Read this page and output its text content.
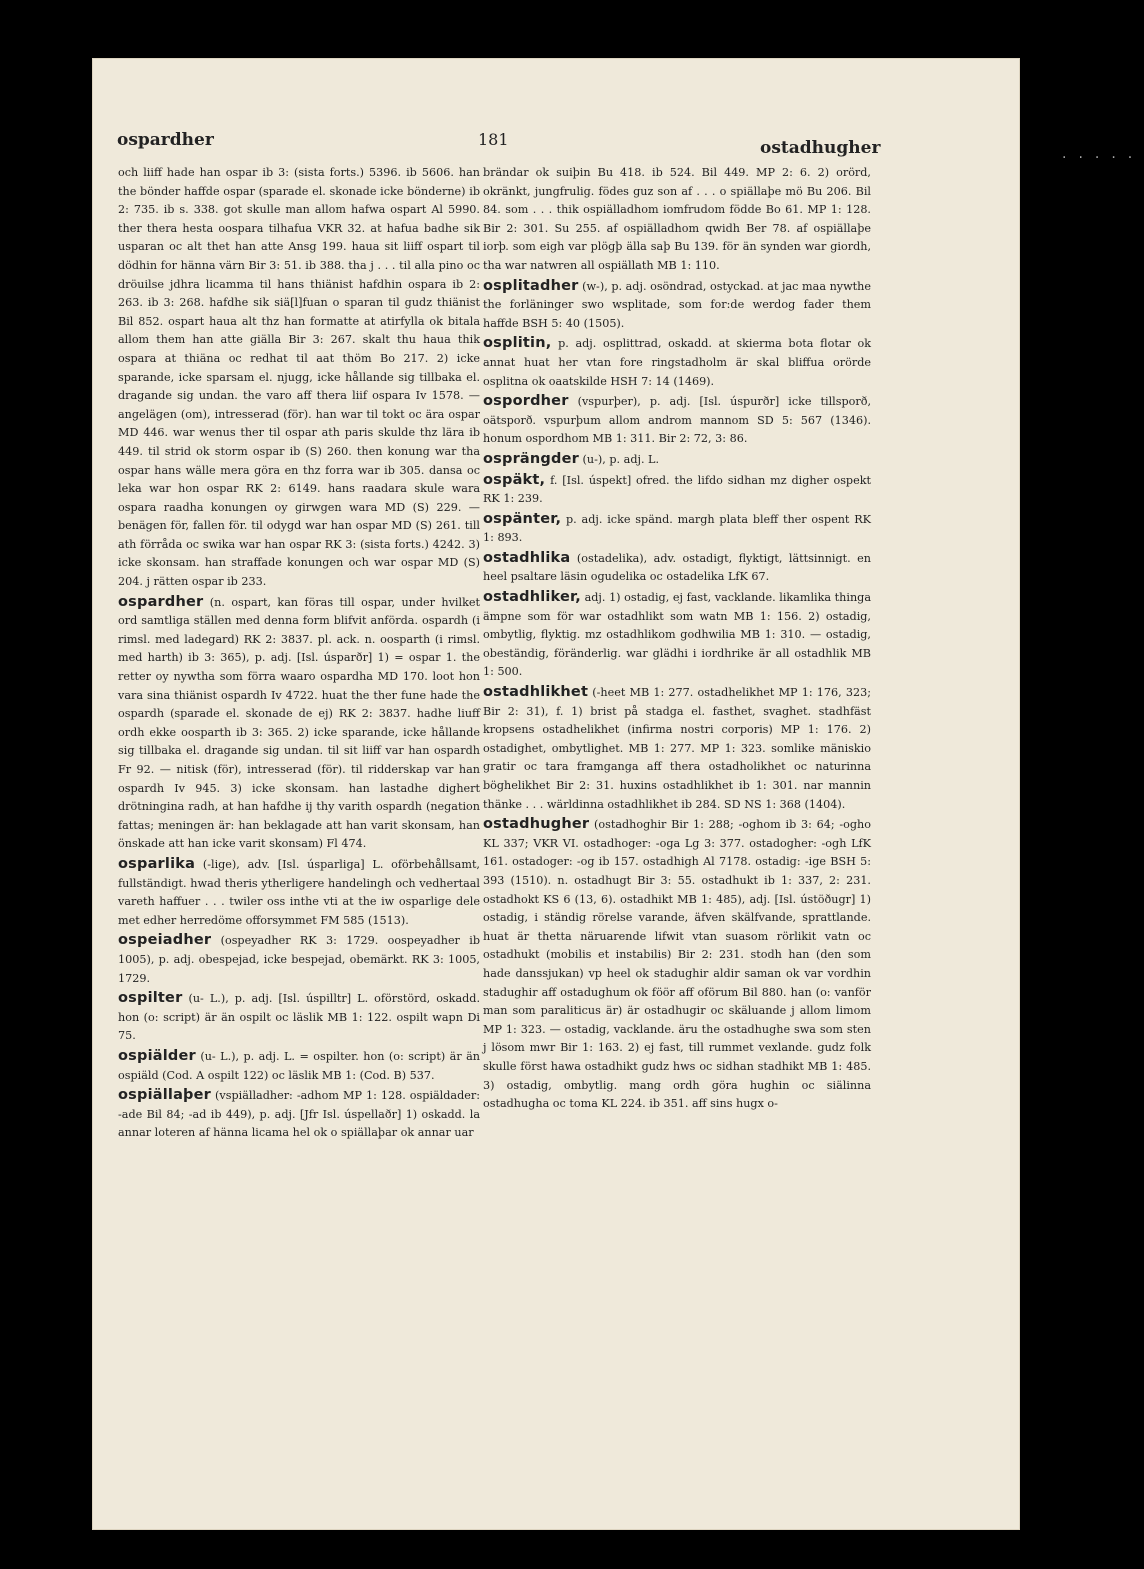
·····
ospardher	181	ostadhugher

och liiff hade han ospar ib 3: (sista forts.) 5396. ib 5606. han the bönder haffde ospar (sparade el. skonade icke bönderne) ib 2: 735. ib s. 338. got skulle man allom hafwa ospart Al 5990. ther thera hesta oospara tilhafua VKR 32. at hafua badhe sik usparan oc alt thet han atte Ansg 199. haua sit liiff ospart til dödhin for hänna värn Bir 3: 51. ib 388. tha j . . . til alla pino oc dröuilse jdhra licamma til hans thiänist hafdhin ospara ib 2: 263. ib 3: 268. hafdhe sik siä[l]fuan o sparan til gudz thiänist Bil 852. ospart haua alt thz han formatte at atirfylla ok bitala allom them han atte giälla Bir 3: 267. skalt thu haua thik ospara at thiäna oc redhat til aat thöm Bo 217. 2) icke sparande, icke sparsam el. njugg, icke hållande sig tillbaka el. dragande sig undan. the varo aff thera liif ospara Iv 1578. — angelägen (om), intresserad (för). han war til tokt oc ära ospar MD 446. war wenus ther til ospar ath paris skulde thz lära ib 449. til strid ok storm ospar ib (S) 260. then konung war tha ospar hans wälle mera göra en thz forra war ib 305. dansa oc leka war hon ospar RK 2: 6149. hans raadara skule wara ospara raadha konungen oy girwgen wara MD (S) 229. — benägen för, fallen för. til odygd war han ospar MD (S) 261. till ath förråda oc swika war han ospar RK 3: (sista forts.) 4242. 3) icke skonsam. han straffade konungen och war ospar MD (S) 204. j rätten ospar ib 233.

ospardher (n. ospart, kan föras till ospar, under hvilket ord samtliga ställen med denna form blifvit anförda. ospardh (i rimsl. med ladegard) RK 2: 3837. pl. ack. n. oosparth (i rimsl. med harth) ib 3: 365), p. adj. [Isl. úsparðr] 1) = ospar 1. the retter oy nywtha som förra waaro ospardha MD 170. loot hon vara sina thiänist ospardh Iv 4722. huat the ther fune hade the ospardh (sparade el. skonade de ej) RK 2: 3837. hadhe liuff ordh ekke oosparth ib 3: 365. 2) icke sparande, icke hållande sig tillbaka el. dragande sig undan. til sit liiff var han ospardh Fr 92. — nitisk (för), intresserad (för). til ridderskap var han ospardh Iv 945. 3) icke skonsam. han lastadhe dighert drötningina radh, at han hafdhe ij thy varith ospardh (negation fattas; meningen är: han beklagade att han varit skonsam, han önskade att han icke varit skonsam) Fl 474.

osparlika (-lige), adv. [Isl. úsparliga] L. oförbehållsamt, fullständigt. hwad theris ytherligere handelingh och vedhertaal vareth haffuer . . . twiler oss inthe vti at the iw osparlige dele met edher herredöme offorsymmet FM 585 (1513).

ospeiadher (ospeyadher RK 3: 1729. oospeyadher ib 1005), p. adj. obespejad, icke bespejad, obemärkt. RK 3: 1005, 1729.

ospilter (u- L.), p. adj. [Isl. úspilltr] L. oförstörd, oskadd. hon (o: script) är än ospilt oc läslik MB 1: 122. ospilt wapn Di 75.

ospiälder (u- L.), p. adj. L. = ospilter. hon (o: script) är än ospiäld (Cod. A ospilt 122) oc läslik MB 1: (Cod. B) 537.

ospiällaþer (vspiälladher: -adhom MP 1: 128. ospiäldader: -ade Bil 84; -ad ib 449), p. adj. [Jfr Isl. úspellaðr] 1) oskadd. la annar loteren af hänna licama hel ok o spiällaþar ok annar uar

brändar ok suiþin Bu 418. ib 524. Bil 449. MP 2: 6. 2) orörd, okränkt, jungfrulig. födes guz son af . . . o spiällaþe mö Bu 206. Bil 84. som . . . thik ospiälladhom iomfrudom födde Bo 61. MP 1: 128. Bir 2: 301. Su 255. af ospiälladhom qwidh Ber 78. af ospiällaþe iorþ. som eigh var plögþ älla saþ Bu 139. för än synden war giordh, tha war natwren all ospiällath MB 1: 110.

osplitadher (w-), p. adj. osöndrad, ostyckad. at jac maa nywthe the forläninger swo wsplitade, som for:de werdog fader them haffde BSH 5: 40 (1505).

osplitin, p. adj. osplittrad, oskadd. at skierma bota flotar ok annat huat her vtan fore ringstadholm är skal bliffua orörde osplitna ok oaatskilde HSH 7: 14 (1469).

ospordher (vspurþer), p. adj. [Isl. úspurðr] icke tillsporð, oätsporð. vspurþum allom androm mannom SD 5: 567 (1346). honum ospordhom MB 1: 311. Bir 2: 72, 3: 86.

osprängder (u-), p. adj. L.

ospäkt, f. [Isl. úspekt] ofred. the lifdo sidhan mz digher ospekt RK 1: 239.

ospänter, p. adj. icke spänd. margh plata bleff ther ospent RK 1: 893.

ostadhlika (ostadelika), adv. ostadigt, flyktigt, lättsinnigt. en heel psaltare läsin ogudelika oc ostadelika LfK 67.

ostadhliker, adj. 1) ostadig, ej fast, vacklande. likamlika thinga ämpne som för war ostadhlikt som watn MB 1: 156. 2) ostadig, ombytlig, flyktig. mz ostadhlikom godhwilia MB 1: 310. — ostadig, obeständig, föränderlig. war glädhi i iordhrike är all ostadhlik MB 1: 500.

ostadhlikhet (-heet MB 1: 277. ostadhelikhet MP 1: 176, 323; Bir 2: 31), f. 1) brist på stadga el. fasthet, svaghet. stadhfäst kropsens ostadhelikhet (infirma nostri corporis) MP 1: 176. 2) ostadighet, ombytlighet. MB 1: 277. MP 1: 323. somlike mäniskio gratir oc tara framganga aff thera ostadholikhet oc naturinna böghelikhet Bir 2: 31. huxins ostadhlikhet ib 1: 301. nar mannin thänke . . . wärldinna ostadhlikhet ib 284. SD NS 1: 368 (1404).

ostadhugher (ostadhoghir Bir 1: 288; -oghom ib 3: 64; -ogho KL 337; VKR VI. ostadhoger: -oga Lg 3: 377. ostadogher: -ogh LfK 161. ostadoger: -og ib 157. ostadhigh Al 7178. ostadig: -ige BSH 5: 393 (1510). n. ostadhugt Bir 3: 55. ostadhukt ib 1: 337, 2: 231. ostadhokt KS 6 (13, 6). ostadhikt MB 1: 485), adj. [Isl. ústöðugr] 1) ostadig, i ständig rörelse varande, äfven skälfvande, sprattlande. huat är thetta näruarende lifwit vtan suasom rörlikit vatn oc ostadhukt (mobilis et instabilis) Bir 2: 231. stodh han (den som hade danssjukan) vp heel ok stadughir aldir saman ok var vordhin stadughir aff ostadughum ok föör aff oförum Bil 880. han (o: vanför man som paraliticus är) är ostadhugir oc skäluande j allom limom MP 1: 323. — ostadig, vacklande. äru the ostadhughe swa som sten j lösom mwr Bir 1: 163. 2) ej fast, till rummet vexlande. gudz folk skulle först hawa ostadhikt gudz hws oc sidhan stadhikt MB 1: 485. 3) ostadig, ombytlig. mang ordh göra hughin oc siälinna ostadhugha oc toma KL 224. ib 351. aff sins hugx o-
